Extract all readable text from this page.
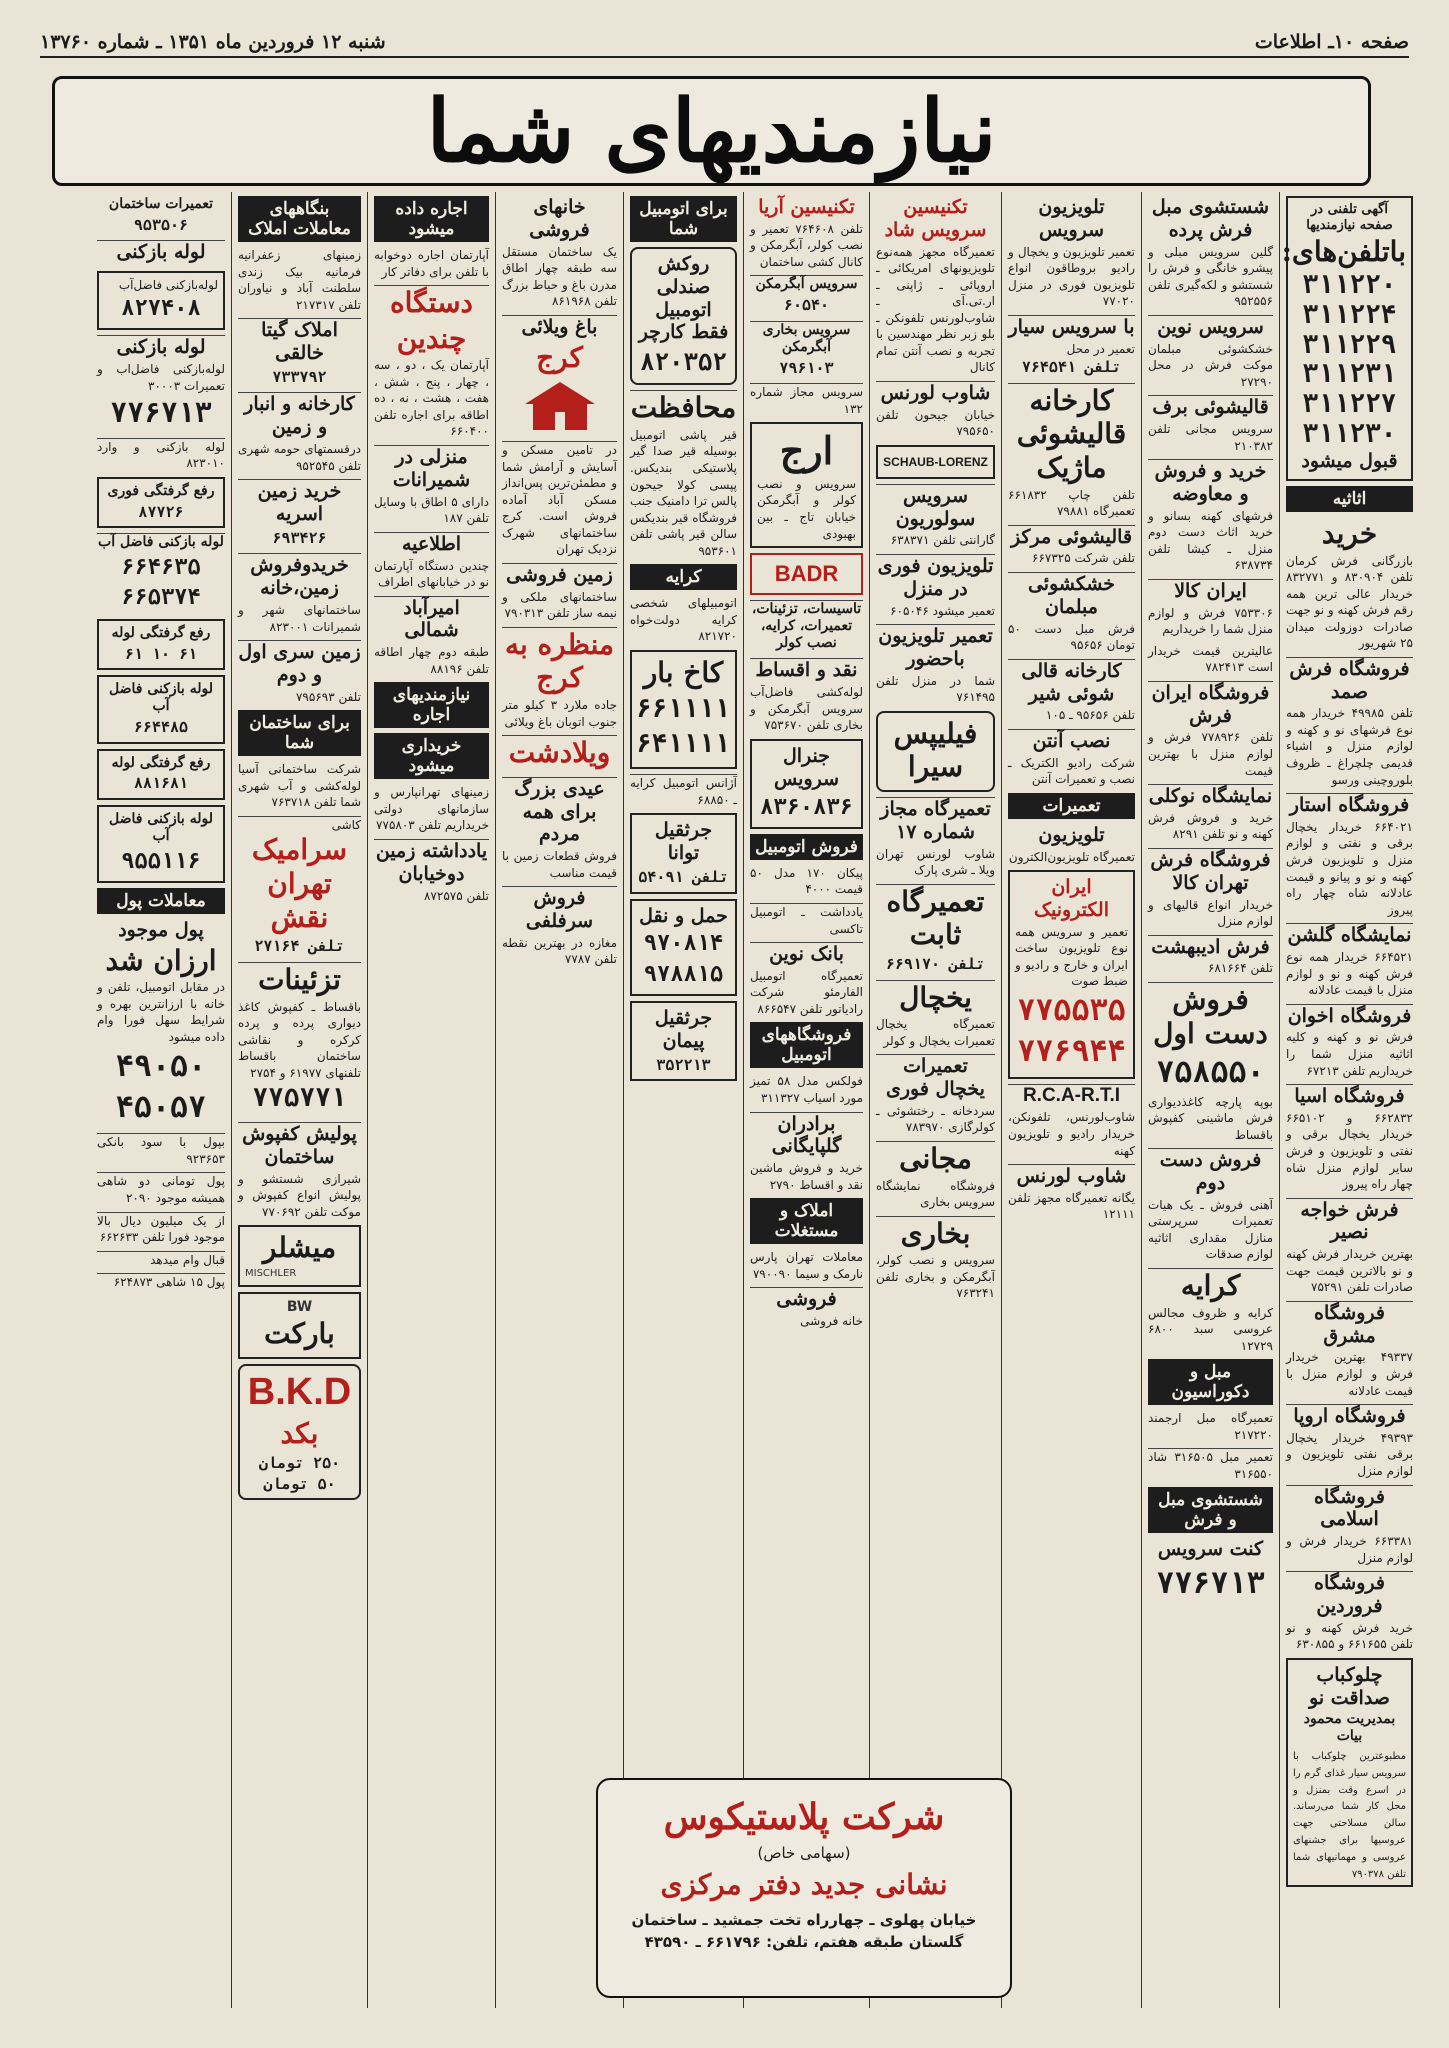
صفحه ۱۰ـ اطلاعات
شنبه ۱۲ فروردین ماه ۱۳۵۱ ـ شماره ۱۳۷۶۰
نیازمندیهای شما
آگهی تلفنی در صفحه نیازمندیها
باتلفن‌های:
۳۱۱۲۲۰
۳۱۱۲۲۴
۳۱۱۲۲۹
۳۱۱۲۳۱
۳۱۱۲۲۷
۳۱۱۲۳۰
قبول میشود
اثاثیه
خرید
بازرگانی فرش کرمان تلفن ۸۳۰۹۰۴ و ۸۳۲۷۷۱ خریدار عالی ترین همه رقم فرش کهنه و نو جهت صادرات دوزولت میدان ۲۵ شهریور
فروشگاه فرش صمد
تلفن ۴۹۹۸۵ خریدار همه نوع فرشهای نو و کهنه و لوازم منزل و اشیاء قدیمی چلچراغ ـ ظروف بلوروچینی ورسو
فروشگاه استار
۶۶۴۰۲۱ خریدار یخچال برقی و نفتی و لوازم منزل و تلویزیون فرش کهنه و نو و پیانو و قیمت عادلانه شاه چهار راه پیروز
نمایشگاه گلشن
۶۶۴۵۲۱ خریدار همه نوع فرش کهنه و نو و لوازم منزل با قیمت عادلانه
فروشگاه اخوان
فرش نو و کهنه و کلیه اثاثیه منزل شما را خریداریم تلفن ۶۷۲۱۳
فروشگاه اسیا
۶۶۲۸۳۲ و ۶۶۵۱۰۲ خریدار یخچال برقی و نفتی و تلویزیون و فرش سایر لوازم منزل شاه چهار راه پیروز
فرش خواجه نصیر
بهترین خریدار فرش کهنه و نو بالاترین قیمت جهت صادرات تلفن ۷۵۲۹۱
فروشگاه مشرق
۴۹۳۳۷ بهترین خریدار فرش و لوازم منزل با قیمت عادلانه
فروشگاه اروپا
۴۹۳۹۳ خریدار یخچال برقی نفتی تلویزیون و لوازم منزل
فروشگاه اسلامی
۶۶۳۳۸۱ خریدار فرش و لوازم منزل
فروشگاه فروردین
خرید فرش کهنه و نو تلفن ۶۶۱۶۵۵ و ۶۳۰۸۵۵
چلوکباب صداقت نو
بمدیریت محمود بیات
مطبوعترین چلوکباب با سرویس سیار غذای گرم را در اسرع وقت بمنزل و محل کار شما می‌رساند. سالن مسلاحتی جهت عروسیها برای جشنهای عروسی و مهمانیهای شما تلفن ۷۹۰۳۷۸
شستشوی مبل فرش پرده
گلین سرویس مبلی و پیشرو خانگی و فرش را شستشو و لکه‌گیری تلفن ۹۵۲۵۵۶
سرویس نوین
خشکشوئی مبلمان موکت فرش در محل ۲۷۲۹۰
قالیشوئی برف
سرویس مجانی تلفن ۲۱۰۳۸۲
خرید و فروش و معاوضه
فرشهای کهنه بسانو و خرید اثاث دست دوم منزل ـ کیشا تلفن ۶۳۸۷۳۴
ایران کالا
۷۵۳۳۰۶ فرش و لوازم منزل شما را خریداریم
عالیترین قیمت خریدار است ۷۸۲۴۱۳
فروشگاه ایران فرش
تلفن ۷۷۸۹۲۶ فرش و لوازم منزل با بهترین قیمت
نمایشگاه نوکلی
خرید و فروش فرش کهنه و نو تلفن ۸۲۹۱
فروشگاه فرش تهران کالا
خریدار انواع قالیهای و لوازم منزل
فرش ادیبهشت
تلفن ۶۸۱۶۶۴
فروش دست اول
۷۵۸۵۵۰
بوپه پارچه کاغذدیواری فرش ماشینی کفپوش باقساط
فروش دست دوم
آهنی فروش ـ یک هیات تعمیرات سرپرستی منازل مقداری اثاثیه لوازم صدقات
کرایه
کرایه و ظروف مجالس عروسی سبد ۶۸۰۰ ۱۲۷۲۹
مبل و دکوراسیون
تعمیرگاه مبل ارجمند ۲۱۷۲۲۰
تعمیر مبل ۳۱۶۵۰۵ شاد ۳۱۶۵۵۰
شستشوی مبل و فرش
کنت سرویس
۷۷۶۷۱۳
تلویزیون سرویس
تعمیر تلویزیون و یخچال و رادیو بروطاقون انواع تلویزیون فوری در منزل ۷۷۰۲۰
با سرویس سیار
تعمیر در محل
تلفن ۷۶۴۵۴۱
کارخانه قالیشوئی ماژیک
تلفن چاپ ۶۶۱۸۳۲ تعمیرگاه ۷۹۸۸۱
قالیشوئی مرکز
تلفن شرکت ۶۶۷۳۲۵
خشکشوئی مبلمان
فرش مبل دست ۵۰ تومان ۹۵۶۵۶
کارخانه قالی شوئی شیر
تلفن ۹۵۶۵۶ ـ ۱۰۵
نصب آنتن
شرکت رادیو الکتریک ـ نصب و تعمیرات آنتن
تعمیرات
تلویزیون
تعمیرگاه تلویزیون‌الکترون
ایران الکترونیک
تعمیر و سرویس همه نوع تلویزیون ساخت ایران و خارج و رادیو و ضبط صوت
۷۷۵۵۳۵
۷۷۶۹۴۴
R.C.A-R.T.I
شاوب‌لورنس، تلفونکن، خریدار رادیو و تلویزیون کهنه
شاوب لورنس
یگانه تعمیرگاه مجهز تلفن ۱۲۱۱۱
تکنیسین سرویس شاد
تعمیرگاه مجهز همه‌نوع تلویزیونهای امریکائی ـ اروپائی ـ ژاپنی ـ ار.تی.آی ـ شاوب‌لورنس تلفونکن ـ بلو زبر نظر مهندسین با تجربه و نصب آنتن تمام کانال
شاوب لورنس
خیابان جیحون تلفن ۷۹۵۶۵۰
SCHAUB-LORENZ
سرویس سولوریون
گارانتی تلفن ۶۳۸۳۷۱
تلویزیون فوری در منزل
تعمیر میشود ۶۰۵۰۴۶
تعمیر تلویزیون باحضور
شما در منزل تلفن ۷۶۱۴۹۵
فیلیپس سیرا
تعمیرگاه مجاز شماره ۱۷
شاوب لورنس تهران ویلا ـ شری پارک
تعمیرگاه ثابت
تلفن ۶۶۹۱۷۰
یخچال
تعمیرگاه یخچال تعمیرات یخچال و کولر
تعمیرات یخچال فوری
سردخانه ـ رختشوئی ـ کولرگازی ۷۸۳۹۷۰
مجانی
فروشگاه نمایشگاه سرویس بخاری
بخاری
سرویس و نصب کولر، آبگرمکن و بخاری تلفن ۷۶۳۲۴۱
تکنیسین آریا
تلفن ۷۶۴۶۰۸ تعمیر و نصب کولر، آبگرمکن و کانال کشی ساختمان
سرویس آبگرمکن
۶۰۵۴۰
سرویس بخاری آبگرمکن
۷۹۶۱۰۳
سرویس مجاز شماره ۱۳۲
ارج
سرویس و نصب کولر و آبگرمکن خیابان تاج ـ بین بهبودی
BADR
تاسیسات، تزئینات، تعمیرات، کرایه، نصب کولر
نقد و اقساط
لوله‌کشی فاضل‌آب سرویس آبگرمکن و بخاری تلفن ۷۵۳۶۷۰
جنرال سرویس
۸۳۶۰۸۳۶
فروش اتومبیل
پیکان ۱۷۰ مدل ۵۰ قیمت ۴۰۰۰
یادداشت ـ اتومبیل تاکسی
بانک نوین
تعمیرگاه اتومبیل الفارمئو شرکت رادیاتور تلفن ۸۶۶۵۴۷
فروشگاههای اتومبیل
فولکس مدل ۵۸ تمیز مورد اسیاب ۳۱۱۳۲۷
برادران گلپایگانی
خرید و فروش ماشین نقد و اقساط ۲۷۹۰
املاک و مستغلات
معاملات تهران پارس نارمک و سیما ۷۹۰۰۹۰
فروشی
خانه فروشی
برای اتومبیل شما
روکش صندلی اتومبیل فقط کارچر
۸۲۰۳۵۲
محافظت
قیر پاشی اتومبیل بوسیله قیر صدا گیر پلاستیکی بندیکس. پپسی کولا جیحون پالس ترا دامنیک جنب فروشگاه قیر بندیکس سالن قیر پاشی تلفن ۹۵۳۶۰۱
کرایه
اتومبیلهای شخصی کرایه دولت‌خواه ۸۲۱۷۲۰
کاخ بار
۶۶۱۱۱۱
۶۴۱۱۱۱
آژانس اتومبیل کرایه ـ ۶۸۸۵۰
جرثقیل توانا
تلفن ۵۴۰۹۱
حمل و نقل
۹۷۰۸۱۴
۹۷۸۸۱۵
جرثقیل پیمان
۳۵۲۲۱۳
خانهای فروشی
یک ساختمان مستقل سه طبقه چهار اطاق مدرن باغ و حیاط بزرگ تلفن ۸۶۱۹۶۸
باغ ویلائی
کرج
در تامین مسکن و آسایش و آرامش شما و مطمئن‌ترین پس‌انداز مسکن آباد آماده فروش است. کرج ساختمانهای شهرک نزدیک تهران
زمین فروشی
ساختمانهای ملکی و نیمه ساز تلفن ۷۹۰۳۱۳
منظره به کرج
جاده ملارد ۳ کیلو متر جنوب اتوبان باغ ویلائی
ویلادشت
عیدی بزرگ برای همه مردم
فروش قطعات زمین با قیمت مناسب
فروش سرفلفی
مغازه در بهترین نقطه تلفن ۷۷۸۷
اجاره داده میشود
آپارتمان اجاره دوخوابه با تلفن برای دفاتر کار
دستگاه
چندین
آپارتمان یک ، دو ، سه ، چهار ، پنج ، شش ، هفت ، هشت ، نه ، ده اطاقه برای اجاره تلفن ۶۶۰۴۰۰
منزلی در شمیرانات
دارای ۵ اطاق با وسایل تلفن ۱۸۷
اطلاعیه
چندین دستگاه آپارتمان نو در خیابانهای اطراف
امیرآباد شمالی
طبقه دوم چهار اطاقه تلفن ۸۸۱۹۶
نیازمندیهای اجاره
خریداری میشود
زمینهای تهرانپارس و سازمانهای دولتی خریداریم تلفن ۷۷۵۸۰۳
یادداشته زمین دوخیابان
تلفن ۸۷۲۵۷۵
بنگاههای معاملات املاک
زمینهای زعفرانیه فرمانیه بیک زندی سلطنت آباد و نیاوران تلفن ۲۱۷۳۱۷
املاک گیتا خالقی
۷۳۳۷۹۲
کارخانه و انبار و زمین
درقسمتهای حومه شهری تلفن ۹۵۲۵۴۵
خرید زمین اسریه
۶۹۳۴۲۶
خریدوفروش زمین،خانه
ساختمانهای شهر و شمیرانات ۸۲۳۰۰۱
زمین سری اول و دوم
تلفن ۷۹۵۶۹۳
برای ساختمان شما
شرکت ساختمانی آسیا لوله‌کشی و آب شهری شما تلفن ۷۶۳۷۱۸
کاشی
سرامیک تهران نقش
تلفن ۲۷۱۶۴
تزئینات
باقساط ـ کفپوش کاغذ دیواری پرده و پرده کرکره و نقاشی ساختمان باقساط تلفنهای ۶۱۹۷۷ و ۲۷۵۴
۷۷۵۷۷۱
پولیش کفپوش ساختمان
شیرازی شستشو و پولیش انواع کفپوش و موکت تلفن ۷۷۰۶۹۲
میشلر
MISCHLER
BW
بارکت
B.K.D
بکد
۲۵۰ تومان
۵۰ تومان
تعمیرات ساختمان
۹۵۳۵۰۶
لوله بازکنی
لوله‌بازکنی فاضل‌آب
۸۲۷۴۰۸
لوله بازکنی
لوله‌بازکنی فاضل‌اب و تعمیرات ۳۰۰۰۳
۷۷۶۷۱۳
لوله بازکنی و وارد ۸۲۳۰۱۰
رفع گرفتگی فوری
۸۷۷۲۶
لوله بازکنی فاضل آب
۶۶۴۶۳۵
۶۶۵۳۷۴
رفع گرفتگی لوله
۶۱ ۱۰ ۶۱
لوله بازکنی فاضل آب
۶۶۴۴۸۵
رفع گرفتگی لوله
۸۸۱۶۸۱
لوله بازکنی فاضل آب
۹۵۵۱۱۶
معاملات پول
پول موجود
ارزان شد
در مقابل اتومبیل، تلفن و خانه با ارزانترین بهره و شرایط سهل فورا وام داده میشود
۴۹۰۵۰
۴۵۰۵۷
بپول با سود بانکی ۹۲۳۶۵۳
پول تومانی دو شاهی همیشه موجود ۲۰۹۰
از یک میلیون دیال بالا موجود فورا تلفن ۶۶۲۶۳۳
قبال وام میدهد
پول ۱۵ شاهی ۶۲۴۸۷۳
شرکت پلاستیکوس
(سهامی خاص)
نشانی جدید دفتر مرکزی
خیابان پهلوی ـ چهارراه تخت جمشید ـ ساختمان
گلستان طبقه هفتم، تلفن: ۶۶۱۷۹۶ ـ ۴۳۵۹۰
